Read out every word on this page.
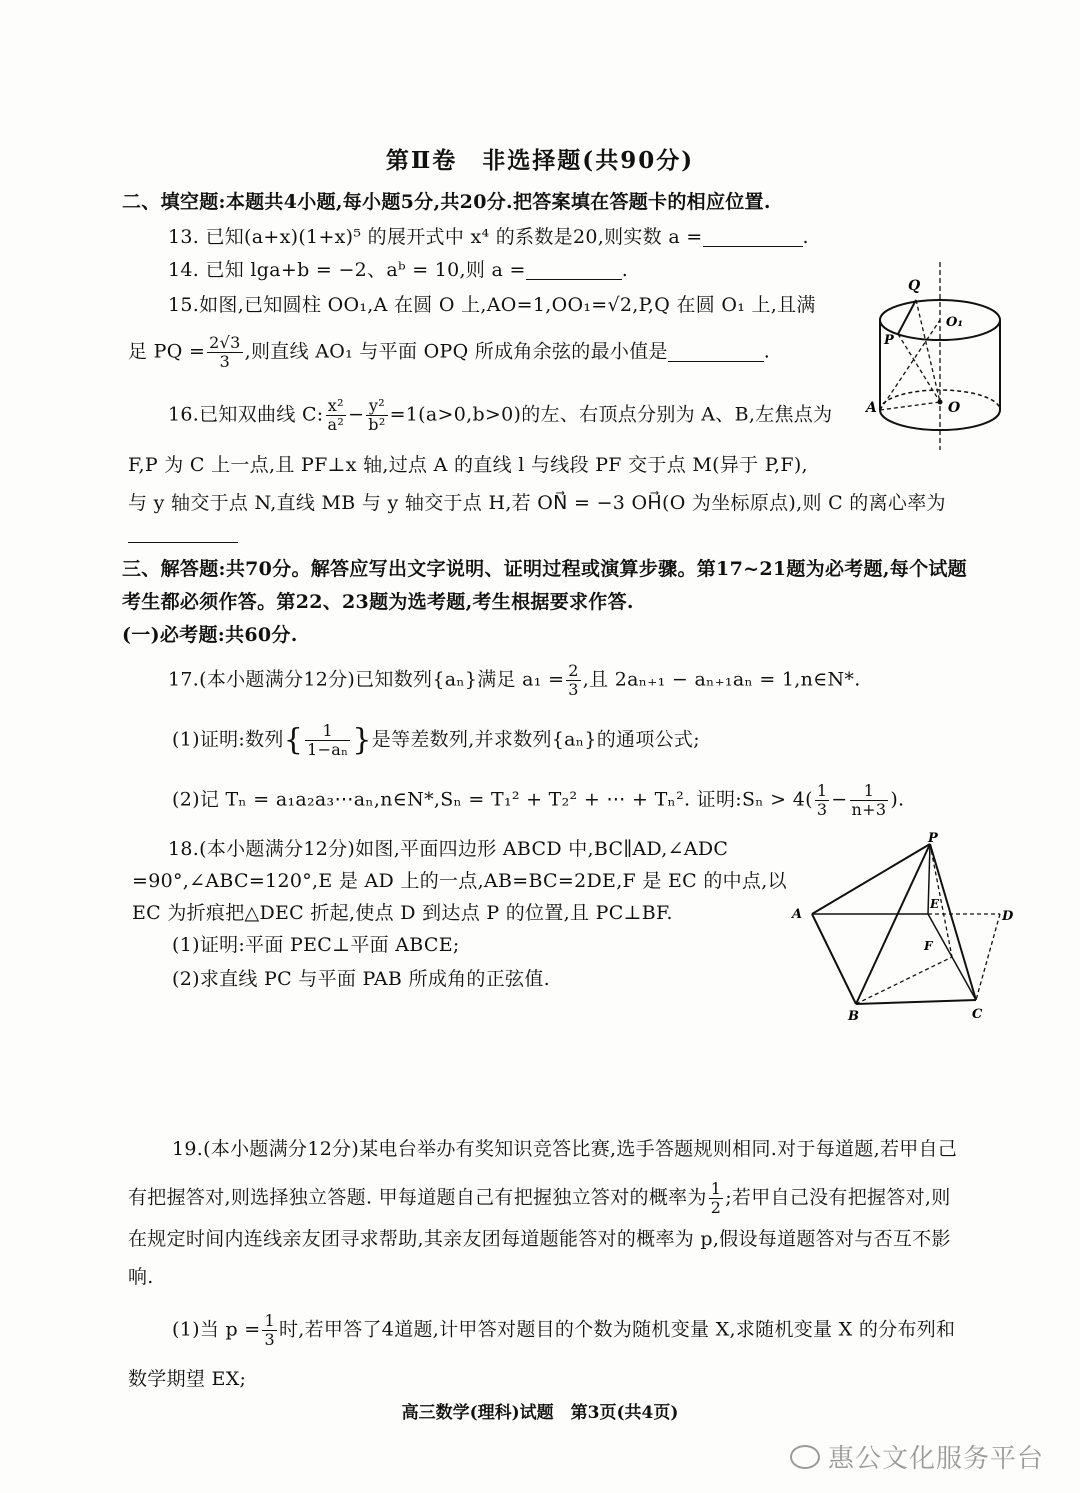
第Ⅱ卷　非选择题(共90分)
二、填空题:本题共4小题,每小题5分,共20分.把答案填在答题卡的相应位置.
13. 已知(a+x)(1+x)⁵ 的展开式中 x⁴ 的系数是20,则实数 a =	.
14. 已知 lga+b = −2、aᵇ = 10,则 a =	.
15.如图,已知圆柱 OO₁,A 在圆 O 上,AO=1,OO₁=√2,P,Q 在圆 O₁ 上,且满
足 PQ = $\frac{2√3}{3}$ ,则直线 AO₁ 与平面 OPQ 所成角余弦的最小值是	.
Q
O₁
P
A	O
16.已知双曲线 C: $\frac{\text{x²}}{\text{a²}} - \frac{\text{y²}}{\text{b²}} =1(a>0,b>0)$的左、右顶点分别为 A、B,左焦点为
F,P 为 C 上一点,且 PF⊥x 轴,过点 A 的直线 l 与线段 PF 交于点 M(异于 P,F),
与 y 轴交于点 N,直线 MB 与 y 轴交于点 H,若 ON⃗ = −3 OH⃗(O 为坐标原点),则 C 的离心率为
三、解答题:共70分。解答应写出文字说明、证明过程或演算步骤。第17~21题为必考题,每个试题
考生都必须作答。第22、23题为选考题,考生根据要求作答.
(一)必考题:共60分.
17.(本小题满分12分)已知数列{aₙ}满足 $a_1 = \frac{2}{3}$ ,且 2aₙ₊₁ − aₙ₊₁aₙ = 1,n∈N*.
(1)证明:数列{ $\frac{1}{\text{1−aₙ}}$ }是等差数列,并求数列{aₙ}的通项公式;
(2)记 Tₙ = a₁a₂a₃⋯aₙ,n∈N*,Sₙ = T₁² + T₂² + ⋯ + Tₙ². 证明:Sₙ > $4( \frac{1}{3} - \frac{1}{n+3}$ ).
18.(本小题满分12分)如图,平面四边形 ABCD 中,BC∥AD,∠ADC
=90°,∠ABC=120°,E 是 AD 上的一点,AB=BC=2DE,F 是 EC 的中点,以
EC 为折痕把△DEC 折起,使点 D 到达点 P 的位置,且 PC⊥BF.
(1)证明:平面 PEC⊥平面 ABCE;
(2)求直线 PC 与平面 PAB 所成角的正弦值.
P
A
E
D
F
B	C
19.(本小题满分12分)某电台举办有奖知识竞答比赛,选手答题规则相同.对于每道题,若甲自己
有把握答对,则选择独立答题. 甲每道题自己有把握独立答对的概率为 $\frac{1}{2}$ ;若甲自己没有把握答对,则
在规定时间内连线亲友团寻求帮助,其亲友团每道题能答对的概率为 p,假设每道题答对与否互不影
响.
(1)当 $p = \frac{1}{3}$ 时,若甲答了4道题,计甲答对题目的个数为随机变量 X,求随机变量 X 的分布列和
数学期望 EX;
高三数学(理科)试题　第3页(共4页)
惠公文化服务平台
